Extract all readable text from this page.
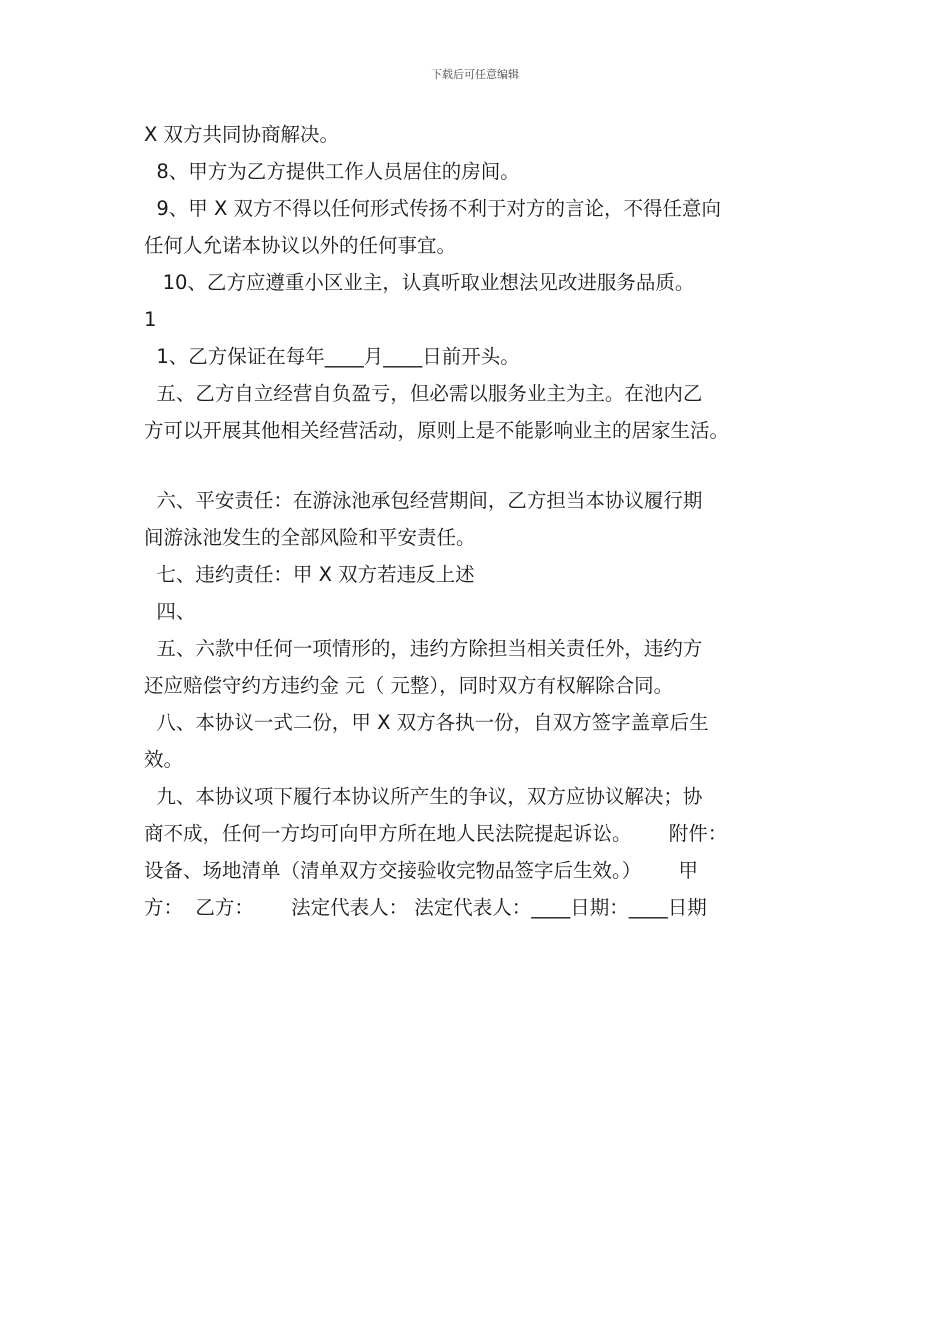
下载后可任意编辑
X 双方共同协商解决。
8、甲方为乙方提供工作人员居住的房间。
9、甲 X 双方不得以任何形式传扬不利于对方的言论，不得任意向
任何人允诺本协议以外的任何事宜。
10、乙方应遵重小区业主，认真听取业想法见改进服务品质。
1
1、乙方保证在每年____月____日前开头。
五、乙方自立经营自负盈亏，但必需以服务业主为主。在池内乙
方可以开展其他相关经营活动，原则上是不能影响业主的居家生活。
六、平安责任：在游泳池承包经营期间，乙方担当本协议履行期
间游泳池发生的全部风险和平安责任。
七、违约责任：甲 X 双方若违反上述
四、
五、六款中任何一项情形的，违约方除担当相关责任外，违约方
还应赔偿守约方违约金 元（ 元整），同时双方有权解除合同。
八、本协议一式二份，甲 X 双方各执一份，自双方签字盖章后生
效。
九、本协议项下履行本协议所产生的争议，双方应协议解决；协
商不成，任何一方均可向甲方所在地人民法院提起诉讼。      附件：
设备、场地清单（清单双方交接验收完物品签字后生效。）      甲
方：  乙方：      法定代表人： 法定代表人：____日期：____日期
